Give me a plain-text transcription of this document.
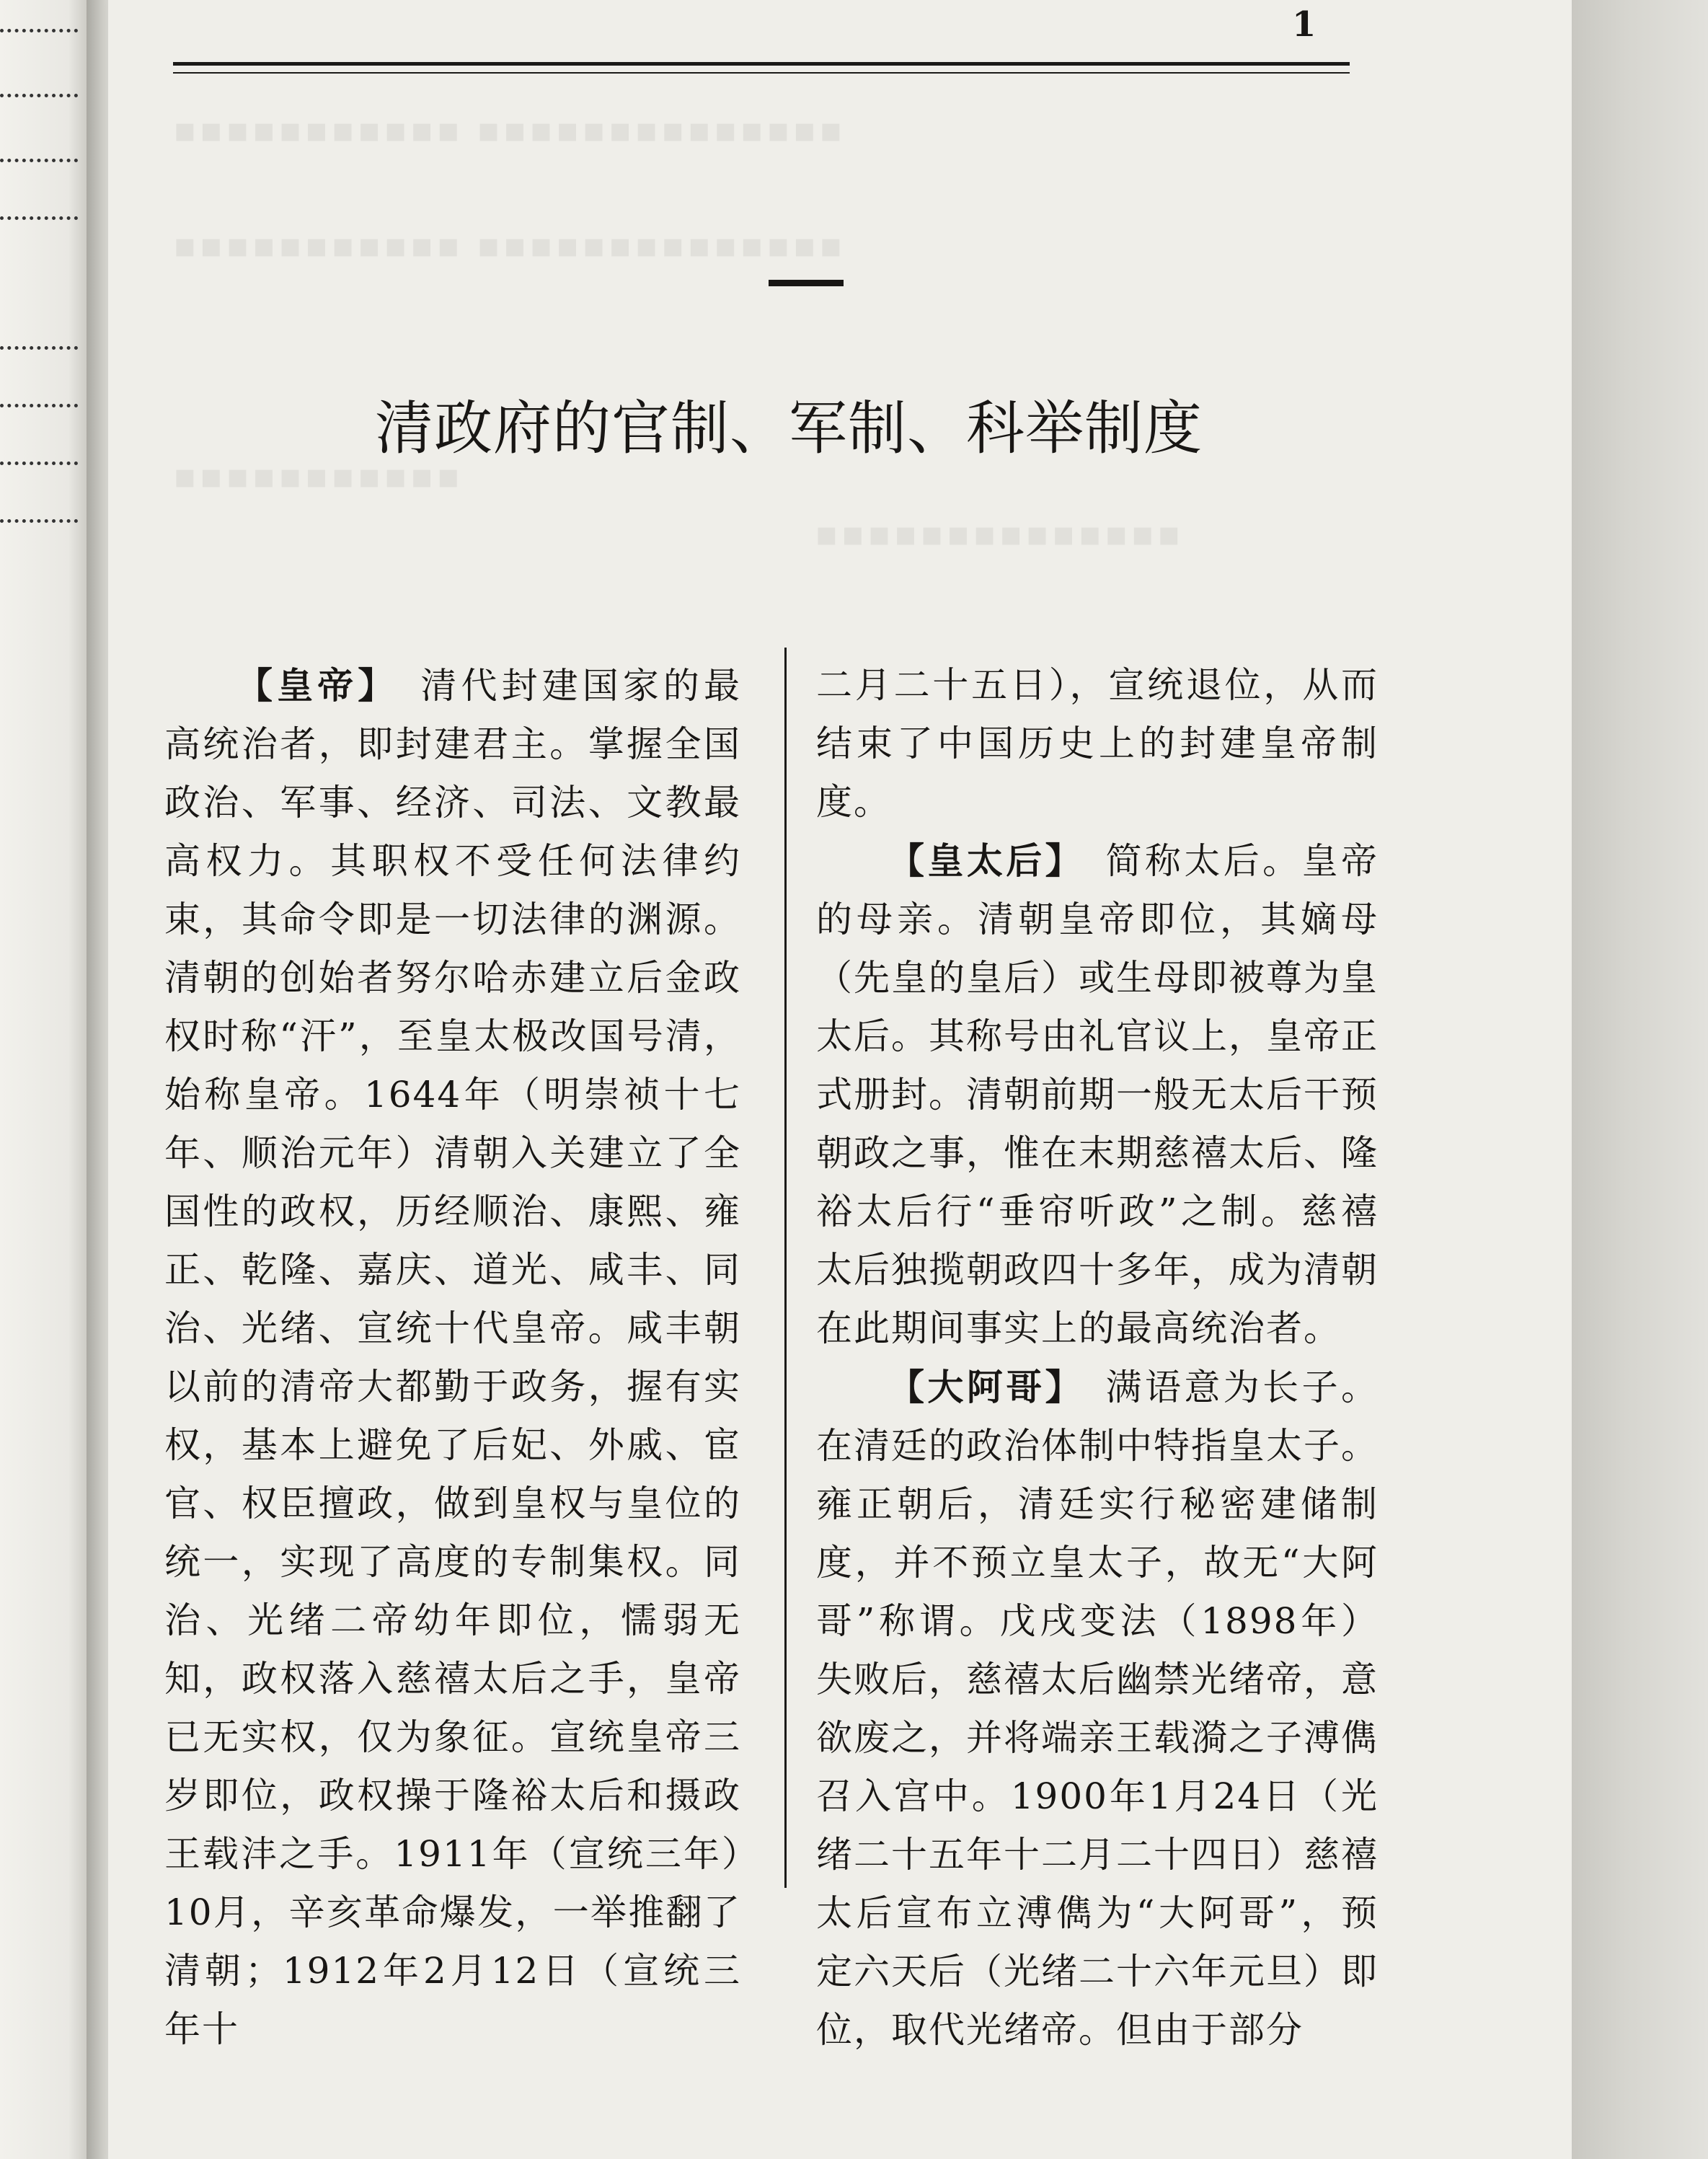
▪▪▪▪▪▪▪▪▪▪▪ ▪▪▪▪▪▪▪▪▪▪▪▪▪▪
▪▪▪▪▪▪▪▪▪▪▪ ▪▪▪▪▪▪▪▪▪▪▪▪▪▪
▪▪▪▪▪▪▪▪▪▪▪
▪▪▪▪▪▪▪▪▪▪▪▪▪▪
1
清政府的官制、军制、科举制度

【皇帝】　清代封建国家的最高统治者，即封建君主。掌握全国政治、军事、经济、司法、文教最高权力。其职权不受任何法律约束，其命令即是一切法律的渊源。清朝的创始者努尔哈赤建立后金政权时称“汗”，至皇太极改国号清，始称皇帝。1644年（明崇祯十七年、顺治元年）清朝入关建立了全国性的政权，历经顺治、康熙、雍正、乾隆、嘉庆、道光、咸丰、同治、光绪、宣统十代皇帝。咸丰朝以前的清帝大都勤于政务，握有实权，基本上避免了后妃、外戚、宦官、权臣擅政，做到皇权与皇位的统一，实现了高度的专制集权。同治、光绪二帝幼年即位，懦弱无知，政权落入慈禧太后之手，皇帝已无实权，仅为象征。宣统皇帝三岁即位，政权操于隆裕太后和摄政王载沣之手。1911年（宣统三年）10月，辛亥革命爆发，一举推翻了清朝；1912年2月12日（宣统三年十

二月二十五日），宣统退位，从而结束了中国历史上的封建皇帝制度。

【皇太后】　简称太后。皇帝的母亲。清朝皇帝即位，其嫡母（先皇的皇后）或生母即被尊为皇太后。其称号由礼官议上，皇帝正式册封。清朝前期一般无太后干预朝政之事，惟在末期慈禧太后、隆裕太后行“垂帘听政”之制。慈禧太后独揽朝政四十多年，成为清朝在此期间事实上的最高统治者。

【大阿哥】　满语意为长子。在清廷的政治体制中特指皇太子。雍正朝后，清廷实行秘密建储制度，并不预立皇太子，故无“大阿哥”称谓。戊戌变法（1898年）失败后，慈禧太后幽禁光绪帝，意欲废之，并将端亲王载漪之子溥儁召入宫中。1900年1月24日（光绪二十五年十二月二十四日）慈禧太后宣布立溥儁为“大阿哥”，预定六天后（光绪二十六年元旦）即位，取代光绪帝。但由于部分
